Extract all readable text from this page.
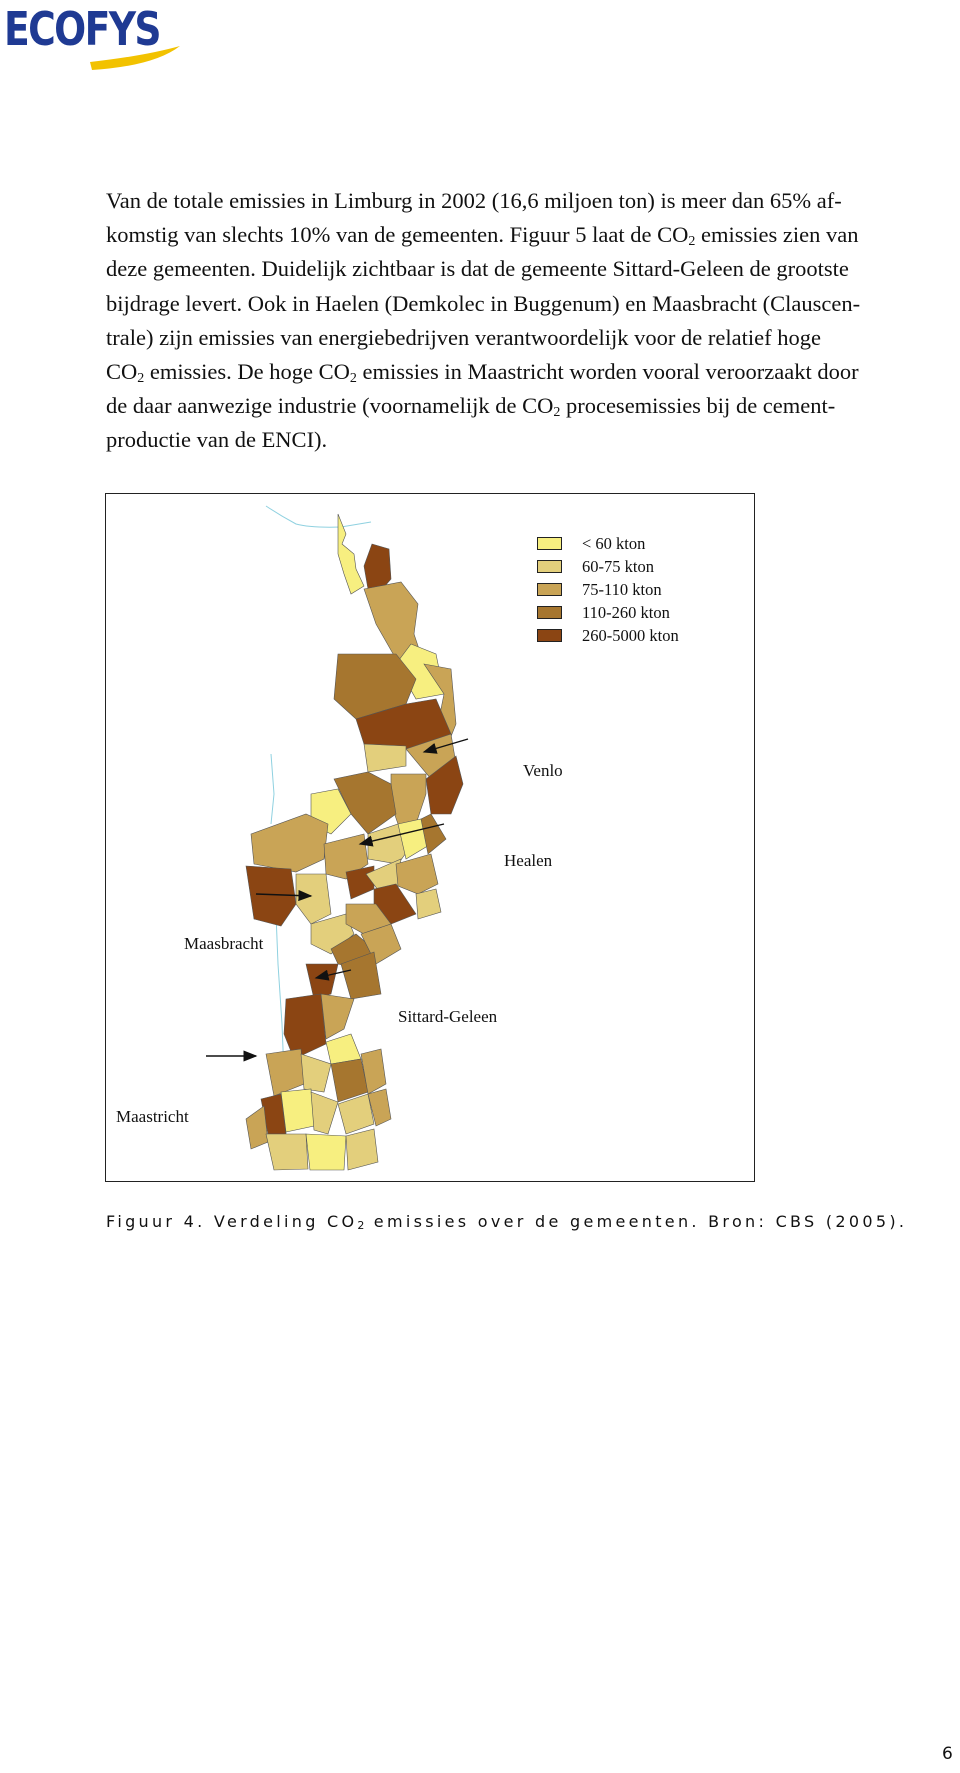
ECOFYS
Van de totale emissies in Limburg in 2002 (16,6 miljoen ton) is meer dan 65% af-
komstig van slechts 10% van de gemeenten. Figuur 5 laat de $CO_2$ emissies zien van
deze gemeenten. Duidelijk zichtbaar is dat de gemeente Sittard-Geleen de grootste
bijdrage levert. Ook in Haelen (Demkolec in Buggenum) en Maasbracht (Clauscen-
trale) zijn emissies van energiebedrijven verantwoordelijk voor de relatief hoge
$CO_2$ emissies. De hoge $CO_2$ emissies in Maastricht worden vooral veroorzaakt door
de daar aanwezige industrie (voornamelijk de $CO_2$ procesemissies bij de cement-
productie van de ENCI).
< 60 kton
60-75 kton
75-110 kton
110-260 kton
260-5000 kton
Venlo
Healen
Maasbracht
Sittard-Geleen
Maastricht
Figuur 4. Verdeling $CO_2$ emissies over de gemeenten. Bron: CBS (2005).
6
